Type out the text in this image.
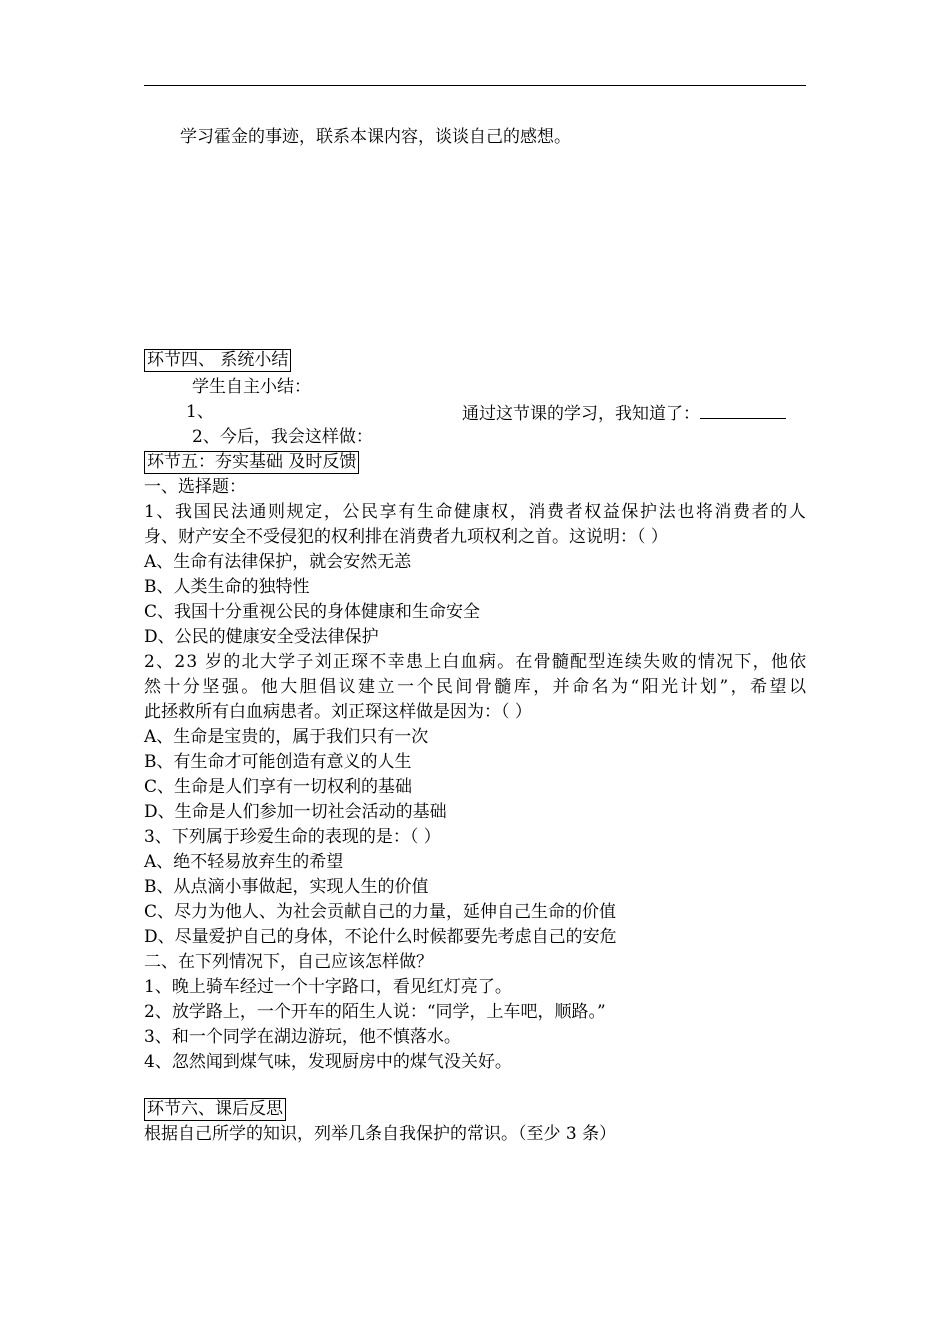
学习霍金的事迹，联系本课内容，谈谈自己的感想。
环节四、 系统小结
学生自主小结：
1、	通过这节课的学习，我知道了：
2、今后，我会这样做：
环节五：夯实基础 及时反馈
一、选择题：
1、我国民法通则规定，公民享有生命健康权，消费者权益保护法也将消费者的人
身、财产安全不受侵犯的权利排在消费者九项权利之首。这说明：（ ）
A、生命有法律保护，就会安然无恙
B、人类生命的独特性
C、我国十分重视公民的身体健康和生命安全
D、公民的健康安全受法律保护
2、23 岁的北大学子刘正琛不幸患上白血病。在骨髓配型连续失败的情况下，他依
然十分坚强。他大胆倡议建立一个民间骨髓库，并命名为“阳光计划”，希望以
此拯救所有白血病患者。刘正琛这样做是因为：（ ）
A、生命是宝贵的，属于我们只有一次
B、有生命才可能创造有意义的人生
C、生命是人们享有一切权利的基础
D、生命是人们参加一切社会活动的基础
3、下列属于珍爱生命的表现的是：（ ）
A、绝不轻易放弃生的希望
B、从点滴小事做起，实现人生的价值
C、尽力为他人、为社会贡献自己的力量，延伸自己生命的价值
D、尽量爱护自己的身体，不论什么时候都要先考虑自己的安危
二、在下列情况下，自己应该怎样做？
1、晚上骑车经过一个十字路口，看见红灯亮了。
2、放学路上，一个开车的陌生人说：“同学，上车吧，顺路。”
3、和一个同学在湖边游玩，他不慎落水。
4、忽然闻到煤气味，发现厨房中的煤气没关好。
环节六、课后反思
根据自己所学的知识，列举几条自我保护的常识。（至少 3 条）
